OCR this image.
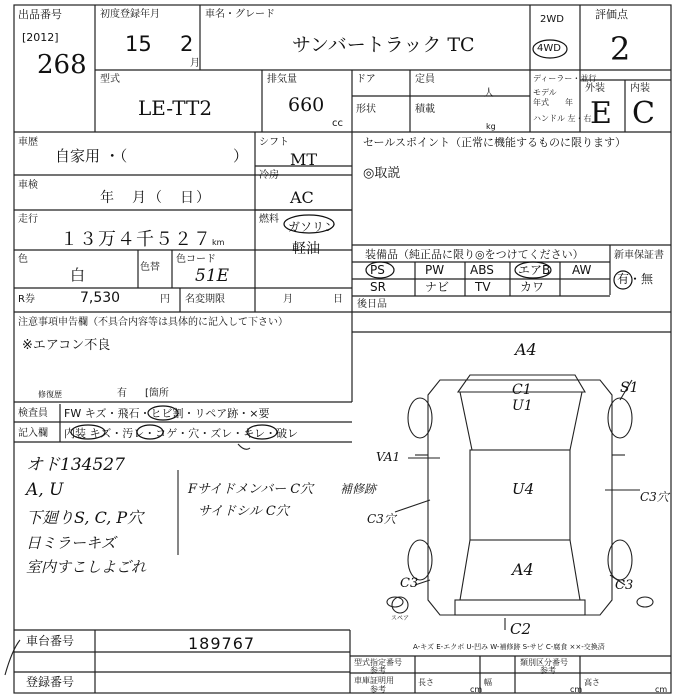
出品番号
[2012]
268
初度登録年月
15 2
月
車名・グレード
サンバートラック TC
2WD
4WD
評価点
2
型式
LE-TT2
排気量
660
cc
ドア	定員
人
形状	積載
kg
ディーラー・並行
モデル
年式 年
ハンドル 左・右
外装	内装
E C
車歴
自家用 ・（	）
シフト
MT
車検
年　月（　日）
冷房
AC
走行
１３万４千５２７ km
燃料
ガソリン
軽油
色
白	色替
色コード
51E
R券	7,530	円 名変期限	月	日
セールスポイント（正常に機能するものに限ります）
◎取説
装備品（純正品に限り◎をつけてください）
PS	PW ABS エアB AW
SR	ナビ TV カワ
新車保証書
有・無
後日品
注意事項申告欄（不具合内容等は具体的に記入して下さい）
※エアコン不良
修復歴	有 [箇所
検査員
記入欄
FW キズ・飛石・ヒビ割・リペア跡・×要
内装 キズ・汚レ・コゲ・穴・ズレ・キレ・破レ
オド134527
A, U
下廻りS, C, P穴
日ミラーキズ
室内すこしよごれ
Fサイドメンバー C穴
サイドシル C穴
補修跡
A4
C1
U1
S1
VA1
U4	C3穴
C3穴
A4
C3	C3
C2
スペア
A-キズ E-エクボ U-凹み W-補修跡 S-サビ C-腐食 ××-交換済
車台番号	189767
登録番号
型式指定番号	類別区分番号
参考	参考
車庫証明用
参考
長さ
cm
幅
cm
高さ
cm
